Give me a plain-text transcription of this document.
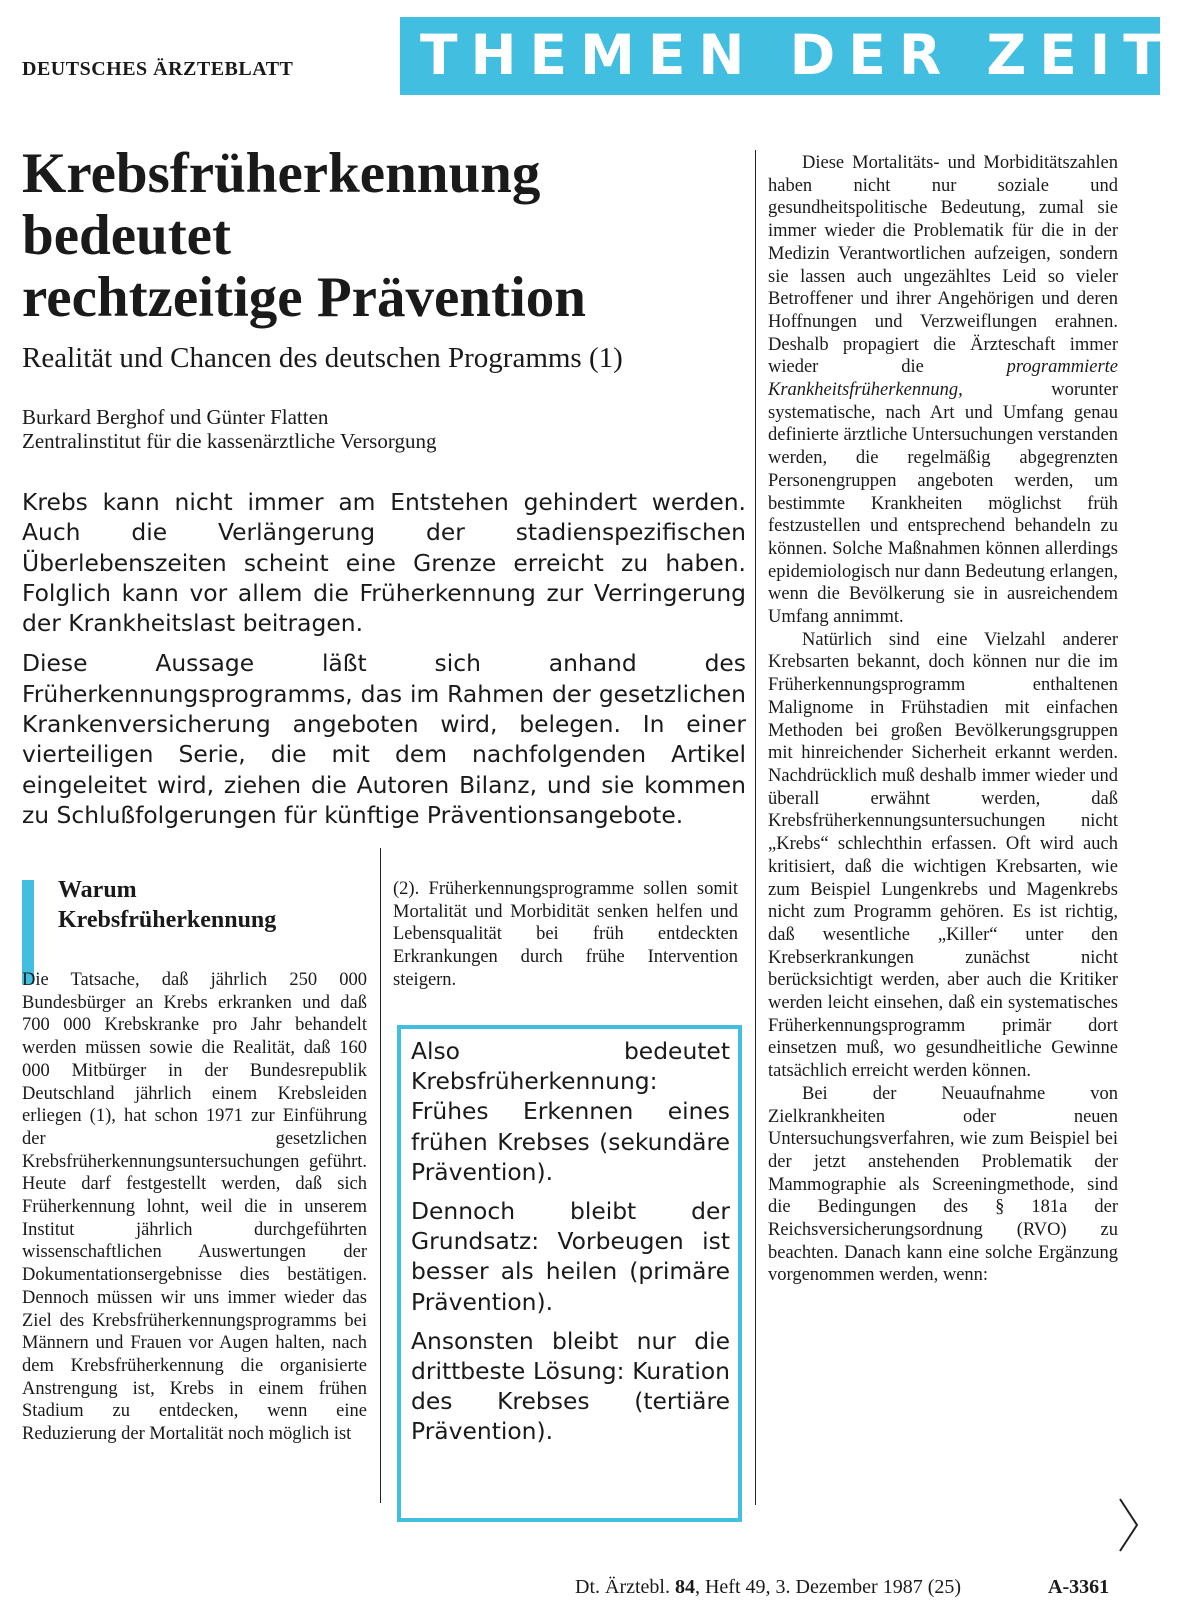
DEUTSCHES ÄRZTEBLATT THEMEN DER ZEIT
Krebsfrüherkennung
bedeutet
rechtzeitige Prävention
Realität und Chancen des deutschen Programms (1)
Burkard Berghof und Günter Flatten
Zentralinstitut für die kassenärztliche Versorgung

Krebs kann nicht immer am Entstehen gehindert werden. Auch die Verlängerung der stadienspezifischen Überlebenszeiten scheint eine Grenze erreicht zu haben. Folglich kann vor allem die Früherkennung zur Verringerung der Krankheitslast beitragen.

Diese Aussage läßt sich anhand des Früherkennungsprogramms, das im Rahmen der gesetzlichen Krankenversicherung angeboten wird, belegen. In einer vierteiligen Serie, die mit dem nachfolgenden Artikel eingeleitet wird, ziehen die Autoren Bilanz, und sie kommen zu Schlußfolgerungen für künftige Präventionsangebote.

Warum
Krebsfrüherkennung

Die Tatsache, daß jährlich 250 000 Bundesbürger an Krebs erkranken und daß 700 000 Krebskranke pro Jahr behandelt werden müssen sowie die Realität, daß 160 000 Mitbürger in der Bundesrepublik Deutschland jährlich einem Krebsleiden erliegen (1), hat schon 1971 zur Einführung der gesetzlichen Krebsfrüherkennungsuntersuchungen geführt. Heute darf festgestellt werden, daß sich Früherkennung lohnt, weil die in unserem Institut jährlich durchgeführten wissenschaftlichen Auswertungen der Dokumentationsergebnisse dies bestätigen. Dennoch müssen wir uns immer wieder das Ziel des Krebsfrüherkennungsprogramms bei Männern und Frauen vor Augen halten, nach dem Krebsfrüherkennung die organisierte Anstrengung ist, Krebs in einem frühen Stadium zu entdecken, wenn eine Reduzierung der Mortalität noch möglich ist

(2). Früherkennungsprogramme sollen somit Mortalität und Morbidität senken helfen und Lebensqualität bei früh entdeckten Erkrankungen durch frühe Intervention steigern.

Also bedeutet Krebsfrüherkennung: Frühes Erkennen eines frühen Krebses (sekundäre Prävention).

Dennoch bleibt der Grundsatz: Vorbeugen ist besser als heilen (primäre Prävention).

Ansonsten bleibt nur die drittbeste Lösung: Kuration des Krebses (tertiäre Prävention).

Diese Mortalitäts- und Morbiditätszahlen haben nicht nur soziale und gesundheitspolitische Bedeutung, zumal sie immer wieder die Problematik für die in der Medizin Verantwortlichen aufzeigen, sondern sie lassen auch ungezähltes Leid so vieler Betroffener und ihrer Angehörigen und deren Hoffnungen und Verzweiflungen erahnen. Deshalb propagiert die Ärzteschaft immer wieder die programmierte Krankheitsfrüherkennung, worunter systematische, nach Art und Umfang genau definierte ärztliche Untersuchungen verstanden werden, die regelmäßig abgegrenzten Personengruppen angeboten werden, um bestimmte Krankheiten möglichst früh festzustellen und entsprechend behandeln zu können. Solche Maßnahmen können allerdings epidemiologisch nur dann Bedeutung erlangen, wenn die Bevölkerung sie in ausreichendem Umfang annimmt.

Natürlich sind eine Vielzahl anderer Krebsarten bekannt, doch können nur die im Früherkennungsprogramm enthaltenen Malignome in Frühstadien mit einfachen Methoden bei großen Bevölkerungsgruppen mit hinreichender Sicherheit erkannt werden. Nachdrücklich muß deshalb immer wieder und überall erwähnt werden, daß Krebsfrüherkennungsuntersuchungen nicht „Krebs“ schlechthin erfassen. Oft wird auch kritisiert, daß die wichtigen Krebsarten, wie zum Beispiel Lungenkrebs und Magenkrebs nicht zum Programm gehören. Es ist richtig, daß wesentliche „Killer“ unter den Krebserkrankungen zunächst nicht berücksichtigt werden, aber auch die Kritiker werden leicht einsehen, daß ein systematisches Früherkennungsprogramm primär dort einsetzen muß, wo gesundheitliche Gewinne tatsächlich erreicht werden können.

Bei der Neuaufnahme von Zielkrankheiten oder neuen Untersuchungsverfahren, wie zum Beispiel bei der jetzt anstehenden Problematik der Mammographie als Screeningmethode, sind die Bedingungen des § 181a der Reichsversicherungsordnung (RVO) zu beachten. Danach kann eine solche Ergänzung vorgenommen werden, wenn:

Dt. Ärztebl. 84, Heft 49, 3. Dezember 1987 (25)	A-3361
